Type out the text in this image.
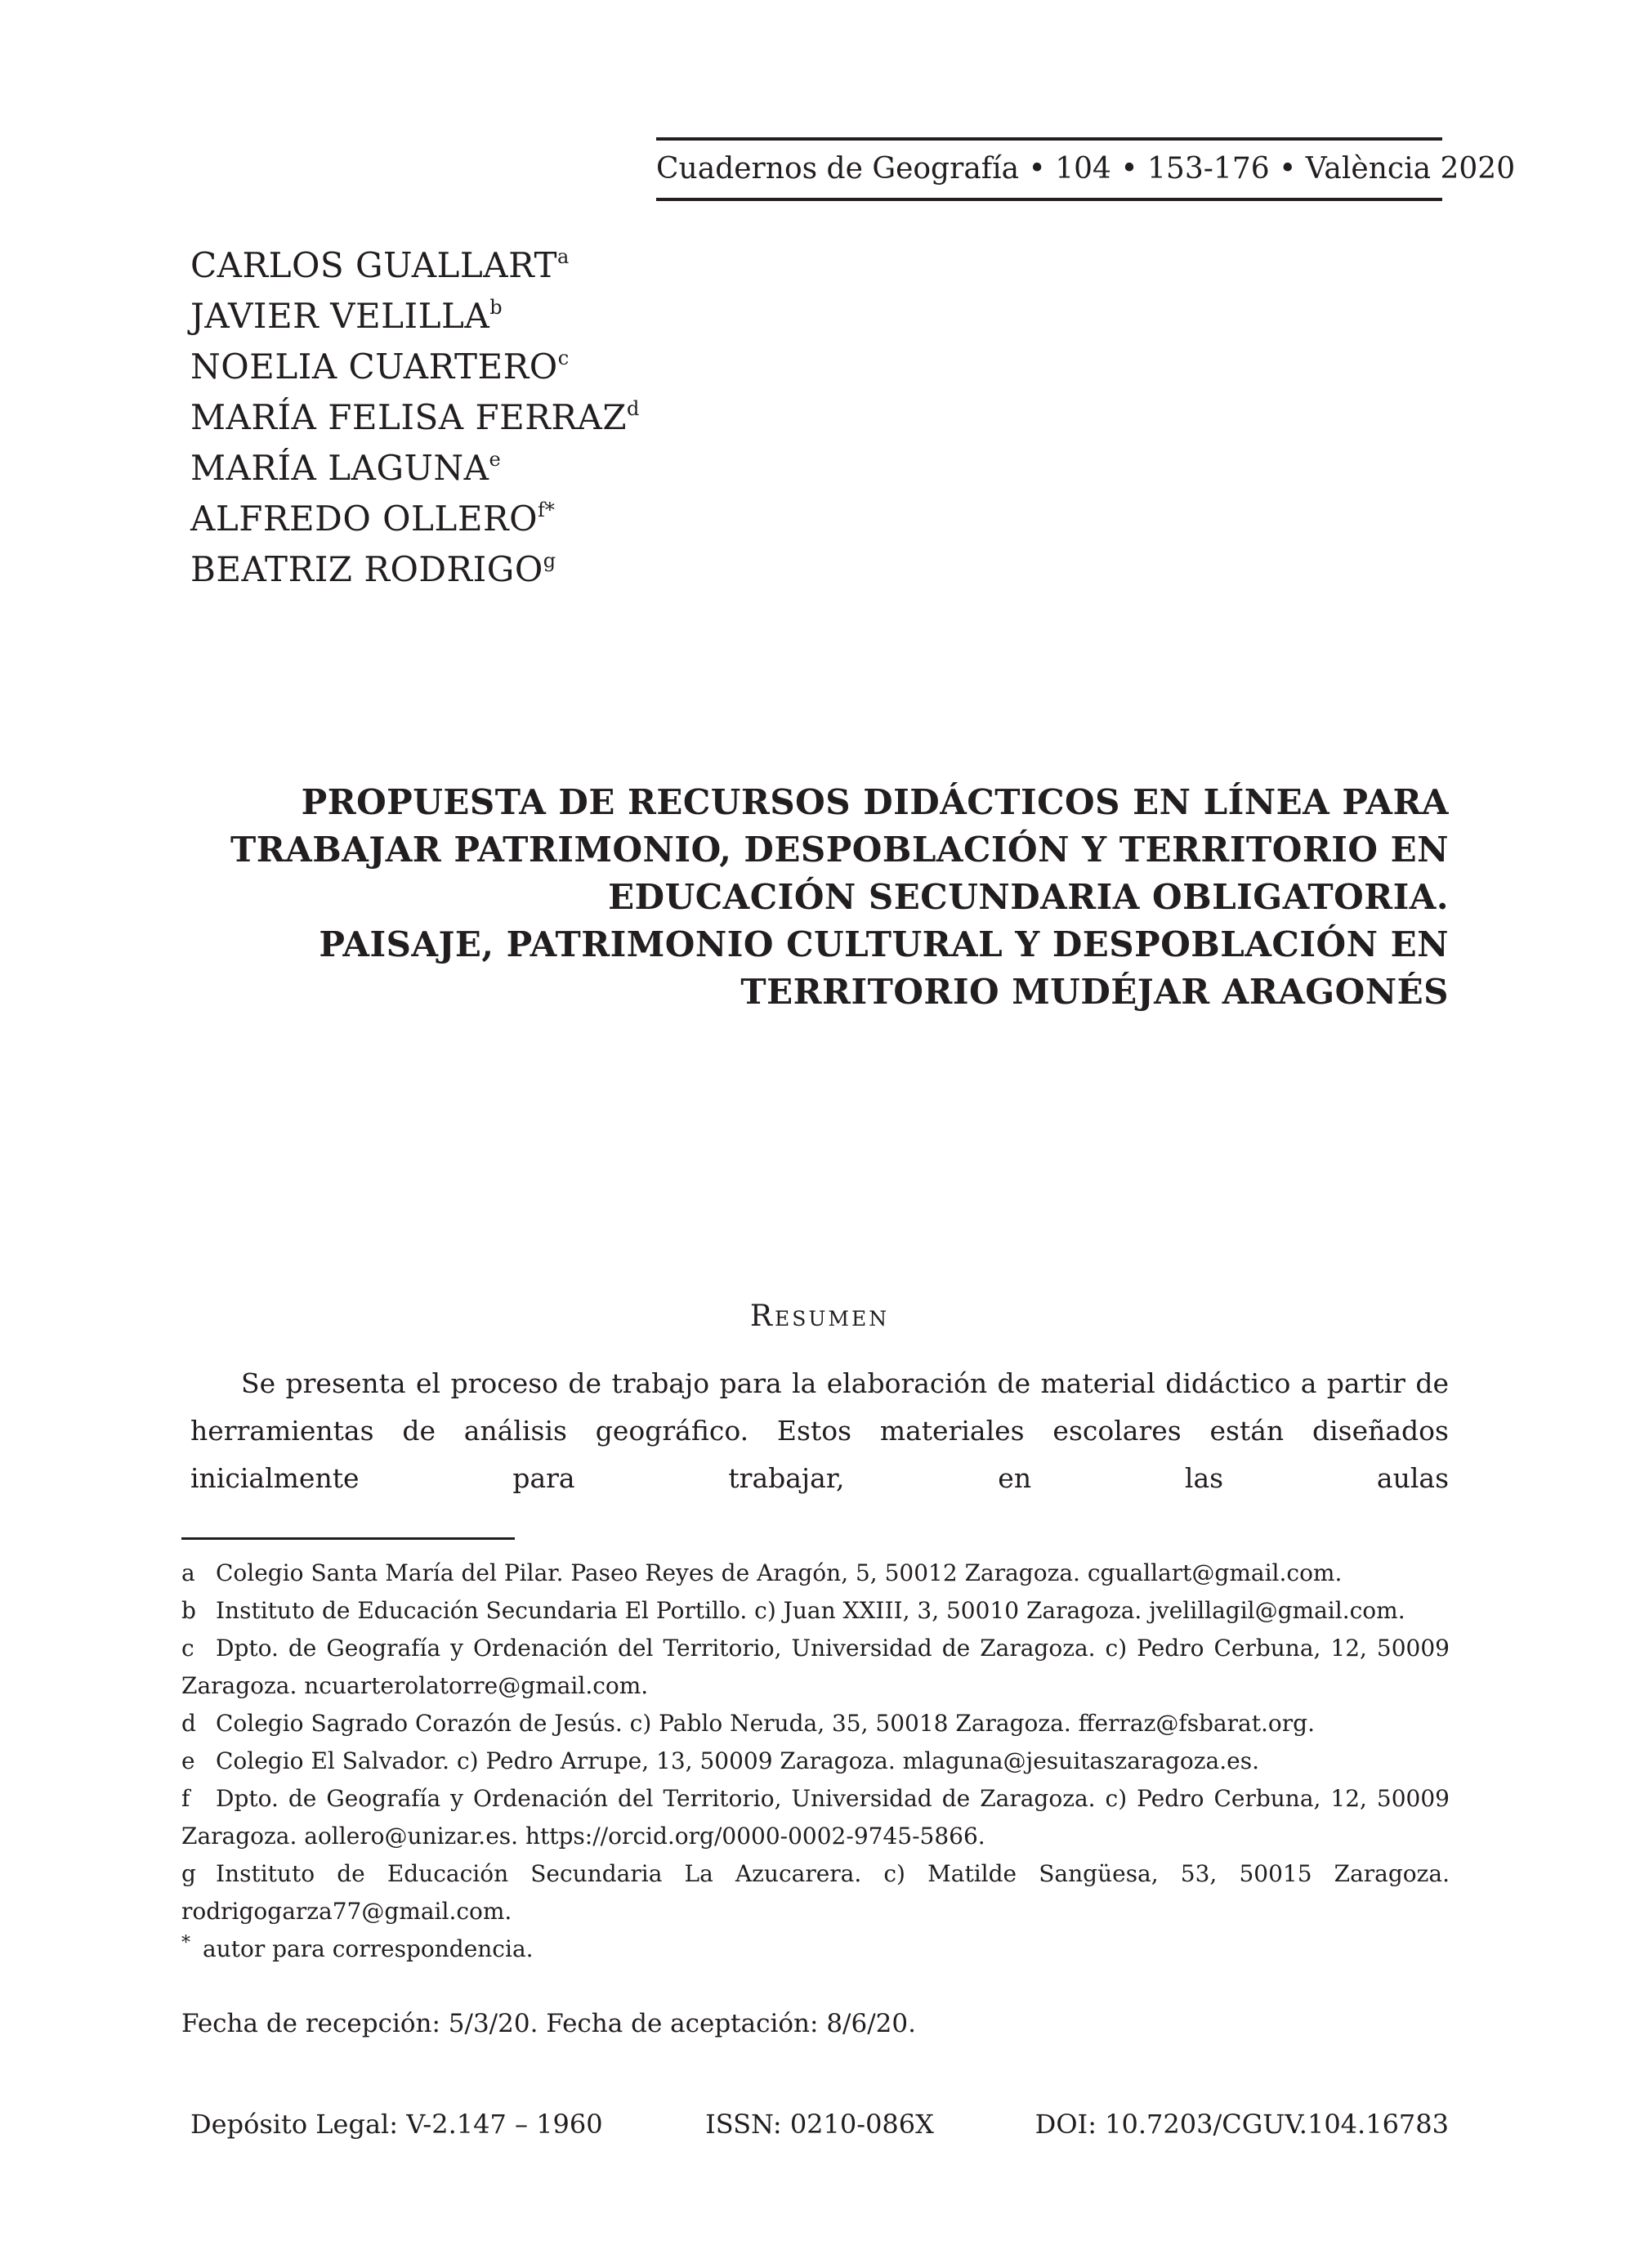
Cuadernos de Geografía • 104 • 153-176 • València 2020
CARLOS GUALLART$^a$
JAVIER VELILLA$^b$
NOELIA CUARTERO$^c$
MARÍA FELISA FERRAZ$^d$
MARÍA LAGUNA$^e$
ALFREDO $OLLERO^{f*}$
BEATRIZ RODRIGO$^g$
PROPUESTA DE RECURSOS DIDÁCTICOS EN LÍNEA PARA
TRABAJAR PATRIMONIO, DESPOBLACIÓN Y TERRITORIO EN
EDUCACIÓN SECUNDARIA OBLIGATORIA.
PAISAJE, PATRIMONIO CULTURAL Y DESPOBLACIÓN EN
TERRITORIO MUDÉJAR ARAGONÉS
Resumen

Se presenta el proceso de trabajo para la elaboración de material didáctico a partir de herramientas de análisis geográfico. Estos materiales escolares están diseñados inicialmente para trabajar, en las aulas

a Colegio Santa María del Pilar. Paseo Reyes de Aragón, 5, 50012 Zaragoza. cguallart@gmail.com.
b Instituto de Educación Secundaria El Portillo. c) Juan XXIII, 3, 50010 Zaragoza. jvelillagil@gmail.com.
c Dpto. de Geografía y Ordenación del Territorio, Universidad de Zaragoza. c) Pedro Cerbuna, 12, 50009 Zaragoza. ncuarterolatorre@gmail.com.
d Colegio Sagrado Corazón de Jesús. c) Pablo Neruda, 35, 50018 Zaragoza. fferraz@fsbarat.org.
e Colegio El Salvador. c) Pedro Arrupe, 13, 50009 Zaragoza. mlaguna@jesuitaszaragoza.es.
f Dpto. de Geografía y Ordenación del Territorio, Universidad de Zaragoza. c) Pedro Cerbuna, 12, 50009 Zaragoza. aollero@unizar.es. https://orcid.org/0000-0002-9745-5866.
g Instituto de Educación Secundaria La Azucarera. c) Matilde Sangüesa, 53, 50015 Zaragoza. rodrigogarza77@gmail.com.
* autor para correspondencia.

Fecha de recepción: 5/3/20. Fecha de aceptación: 8/6/20.

Depósito Legal: V-2.147 – 1960	ISSN: 0210-086X	DOI: 10.7203/CGUV.104.16783
